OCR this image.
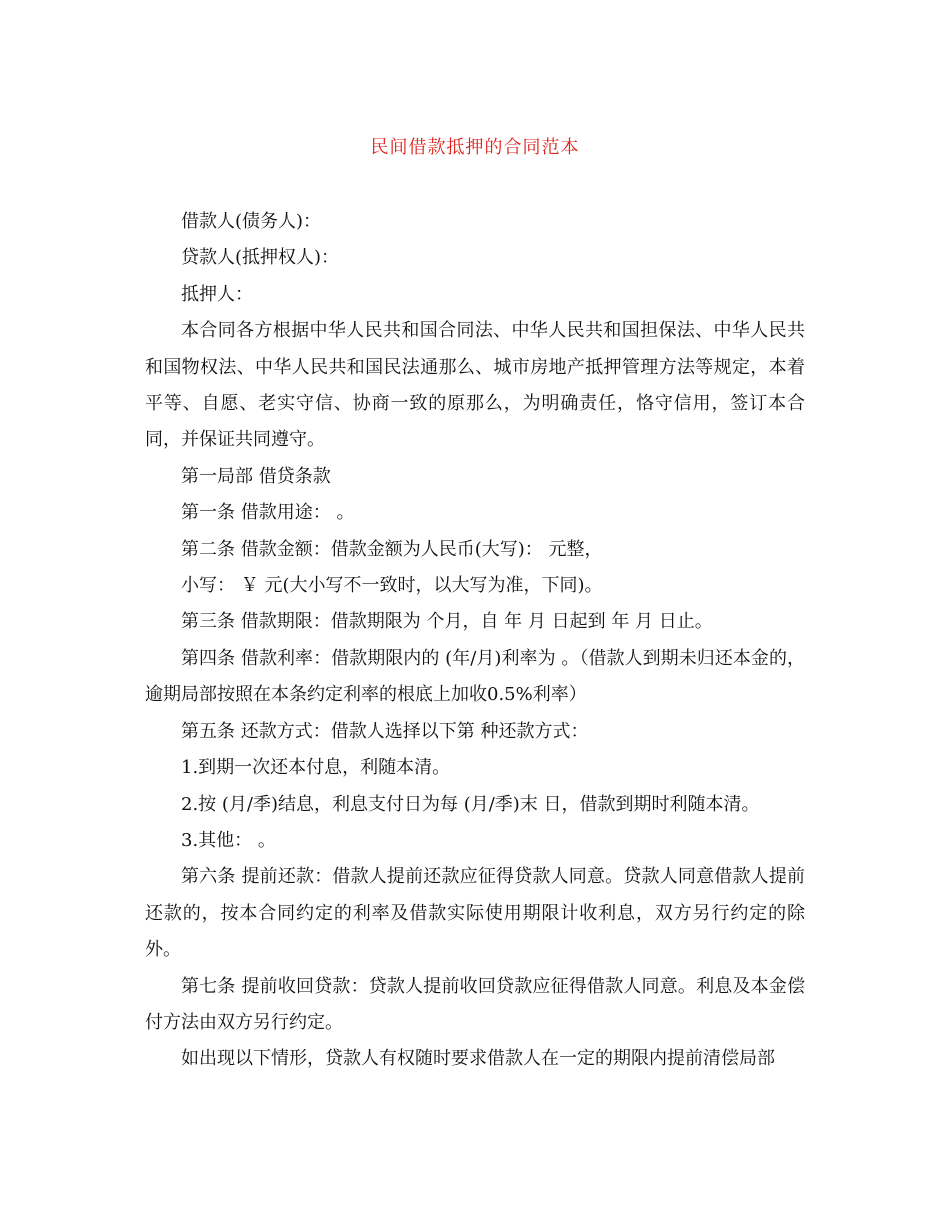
民间借款抵押的合同范本

借款人(债务人)：

贷款人(抵押权人)：

抵押人：

本合同各方根据中华人民共和国合同法、中华人民共和国担保法、中华人民共和国物权法、中华人民共和国民法通那么、城市房地产抵押管理方法等规定，本着平等、自愿、老实守信、协商一致的原那么，为明确责任，恪守信用，签订本合同，并保证共同遵守。

第一局部 借贷条款

第一条 借款用途： 。

第二条 借款金额：借款金额为人民币(大写)： 元整，

小写： ￥ 元(大小写不一致时，以大写为准，下同)。

第三条 借款期限：借款期限为 个月，自 年 月 日起到 年 月 日止。

第四条 借款利率：借款期限内的 (年/月)利率为 。（借款人到期未归还本金的，逾期局部按照在本条约定利率的根底上加收0.5%利率）

第五条 还款方式：借款人选择以下第 种还款方式：

1.到期一次还本付息，利随本清。

2.按 (月/季)结息，利息支付日为每 (月/季)末 日，借款到期时利随本清。

3.其他： 。

第六条 提前还款：借款人提前还款应征得贷款人同意。贷款人同意借款人提前还款的，按本合同约定的利率及借款实际使用期限计收利息，双方另行约定的除外。

第七条 提前收回贷款：贷款人提前收回贷款应征得借款人同意。利息及本金偿付方法由双方另行约定。

如出现以下情形，贷款人有权随时要求借款人在一定的期限内提前清偿局部
